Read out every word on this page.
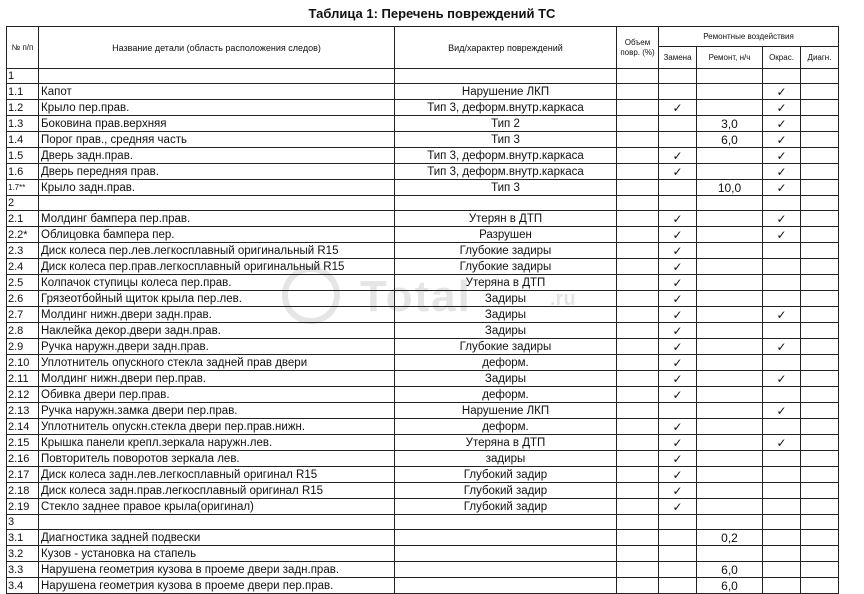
Таблица 1: Перечень повреждений ТС
Total	.ru
№ п/п	Название детали (область расположения следов)	Вид/характер повреждений	Объем повр. (%)	Ремонтные воздействия			
				Замена	Ремонт, н/ч	Окрас.	Диагн.
1							
1.1	Капот	Нарушение ЛКП				✓	
1.2	Крыло пер.прав.	Тип 3, деформ.внутр.каркаса		✓		✓	
1.3	Боковина прав.верхняя	Тип 2			3,0	✓	
1.4	Порог прав., средняя часть	Тип 3			6,0	✓	
1.5	Дверь задн.прав.	Тип 3, деформ.внутр.каркаса		✓		✓	
1.6	Дверь передняя прав.	Тип 3, деформ.внутр.каркаса		✓		✓	
1.7**	Крыло задн.прав.	Тип 3			10,0	✓	
2							
2.1	Молдинг бампера пер.прав.	Утерян в ДТП		✓		✓	
2.2*	Облицовка бампера пер.	Разрушен		✓		✓	
2.3	Диск колеса пер.лев.легкосплавный оригинальный R15	Глубокие задиры		✓			
2.4	Диск колеса пер.прав.легкосплавный оригинальный R15	Глубокие задиры		✓			
2.5	Колпачок ступицы колеса пер.прав.	Утеряна в ДТП		✓			
2.6	Грязеотбойный щиток крыла пер.лев.	Задиры		✓			
2.7	Молдинг нижн.двери задн.прав.	Задиры		✓		✓	
2.8	Наклейка декор.двери задн.прав.	Задиры		✓			
2.9	Ручка наружн.двери задн.прав.	Глубокие задиры		✓		✓	
2.10	Уплотнитель опускного стекла задней прав двери	деформ.		✓			
2.11	Молдинг нижн.двери пер.прав.	Задиры		✓		✓	
2.12	Обивка двери пер.прав.	деформ.		✓			
2.13	Ручка наружн.замка двери пер.прав.	Нарушение ЛКП				✓	
2.14	Уплотнитель опускн.стекла двери пер.прав.нижн.	деформ.		✓			
2.15	Крышка панели крепл.зеркала наружн.лев.	Утеряна в ДТП		✓		✓	
2.16	Повторитель поворотов зеркала лев.	задиры		✓			
2.17	Диск колеса задн.лев.легкосплавный оригинал R15	Глубокий задир		✓			
2.18	Диск колеса задн.прав.легкосплавный оригинал R15	Глубокий задир		✓			
2.19	Стекло заднее правое крыла(оригинал)	Глубокий задир		✓			
3							
3.1	Диагностика задней подвески				0,2		
3.2	Кузов - установка на стапель						
3.3	Нарушена геометрия кузова в проеме двери задн.прав.				6,0		
3.4	Нарушена геометрия кузова в проеме двери пер.прав.				6,0		
